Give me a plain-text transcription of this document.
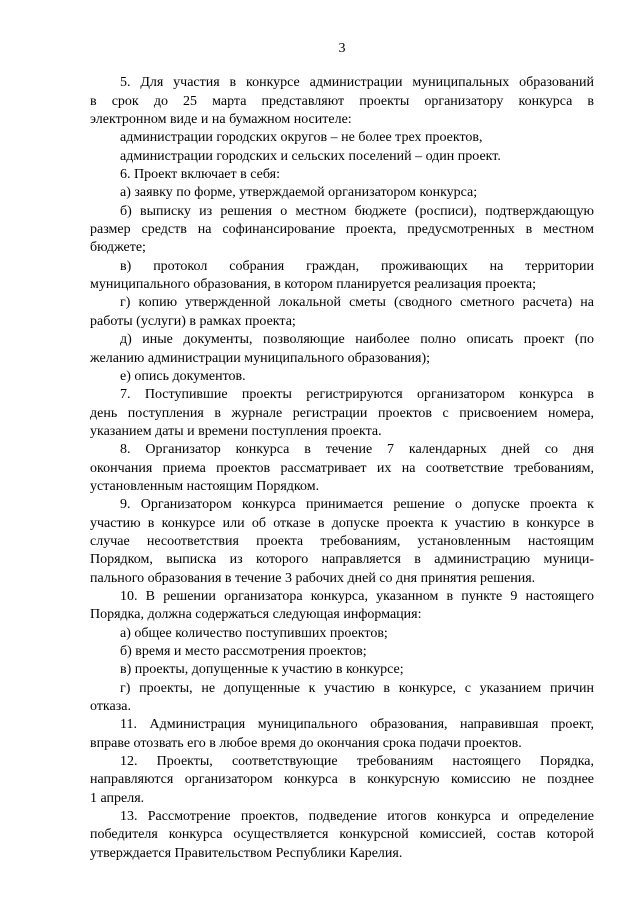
3
5. Для участия в конкурсе администрации муниципальных образований
в срок до 25 марта представляют проекты организатору конкурса в
электронном виде и на бумажном носителе:
администрации городских округов – не более трех проектов,
администрации городских и сельских поселений – один проект.
6. Проект включает в себя:
а) заявку по форме, утверждаемой организатором конкурса;
б) выписку из решения о местном бюджете (росписи), подтверждающую
размер средств на софинансирование проекта, предусмотренных в местном
бюджете;
в) протокол собрания граждан, проживающих на территории
муниципального образования, в котором планируется реализация проекта;
г) копию утвержденной локальной сметы (сводного сметного расчета) на
работы (услуги) в рамках проекта;
д) иные документы, позволяющие наиболее полно описать проект (по
желанию администрации муниципального образования);
е) опись документов.
7. Поступившие проекты регистрируются организатором конкурса в
день поступления в журнале регистрации проектов с присвоением номера,
указанием даты и времени поступления проекта.
8. Организатор конкурса в течение 7 календарных дней со дня
окончания приема проектов рассматривает их на соответствие требованиям,
установленным настоящим Порядком.
9. Организатором конкурса принимается решение о допуске проекта к
участию в конкурсе или об отказе в допуске проекта к участию в конкурсе в
случае несоответствия проекта требованиям, установленным настоящим
Порядком, выписка из которого направляется в администрацию муници-
пального образования в течение 3 рабочих дней со дня принятия решения.
10. В решении организатора конкурса, указанном в пункте 9 настоящего
Порядка, должна содержаться следующая информация:
а) общее количество поступивших проектов;
б) время и место рассмотрения проектов;
в) проекты, допущенные к участию в конкурсе;
г) проекты, не допущенные к участию в конкурсе, с указанием причин
отказа.
11. Администрация муниципального образования, направившая проект,
вправе отозвать его в любое время до окончания срока подачи проектов.
12. Проекты, соответствующие требованиям настоящего Порядка,
направляются организатором конкурса в конкурсную комиссию не позднее
1 апреля.
13. Рассмотрение проектов, подведение итогов конкурса и определение
победителя конкурса осуществляется конкурсной комиссией, состав которой
утверждается Правительством Республики Карелия.
